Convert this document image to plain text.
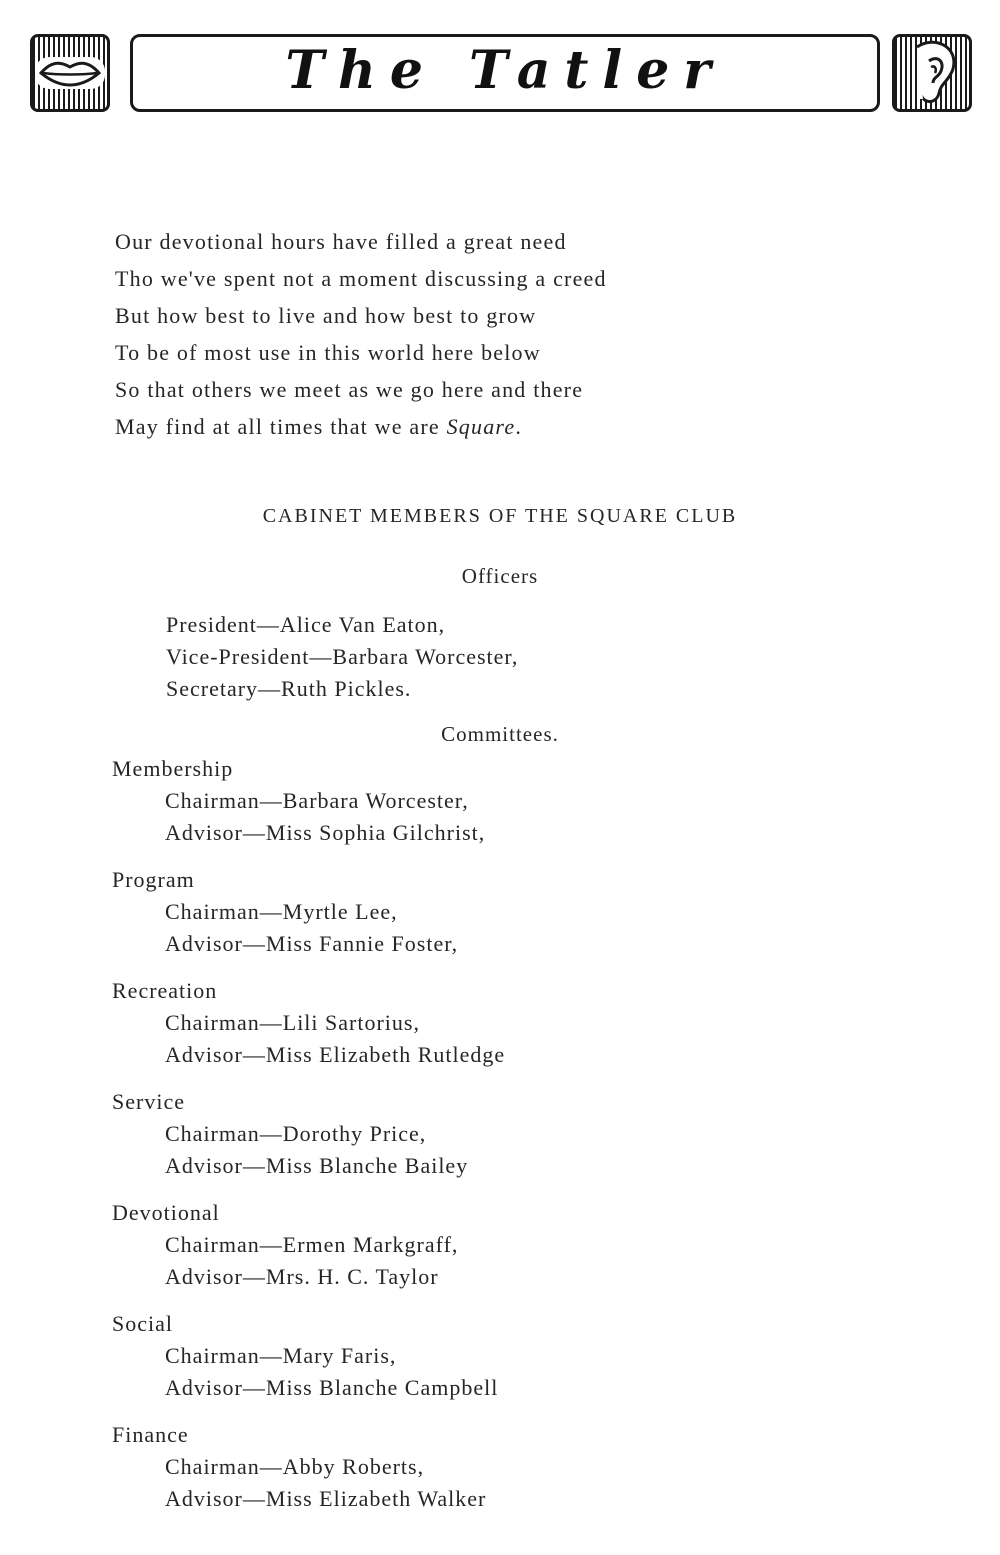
The Tatler
Our devotional hours have filled a great need
Tho we've spent not a moment discussing a creed
But how best to live and how best to grow
To be of most use in this world here below
So that others we meet as we go here and there
May find at all times that we are Square.
CABINET MEMBERS OF THE SQUARE CLUB
Officers
President—Alice Van Eaton,
Vice-President—Barbara Worcester,
Secretary—Ruth Pickles.
Committees.
Membership
Chairman—Barbara Worcester,
Advisor—Miss Sophia Gilchrist,
Program
Chairman—Myrtle Lee,
Advisor—Miss Fannie Foster,
Recreation
Chairman—Lili Sartorius,
Advisor—Miss Elizabeth Rutledge
Service
Chairman—Dorothy Price,
Advisor—Miss Blanche Bailey
Devotional
Chairman—Ermen Markgraff,
Advisor—Mrs. H. C. Taylor
Social
Chairman—Mary Faris,
Advisor—Miss Blanche Campbell
Finance
Chairman—Abby Roberts,
Advisor—Miss Elizabeth Walker
